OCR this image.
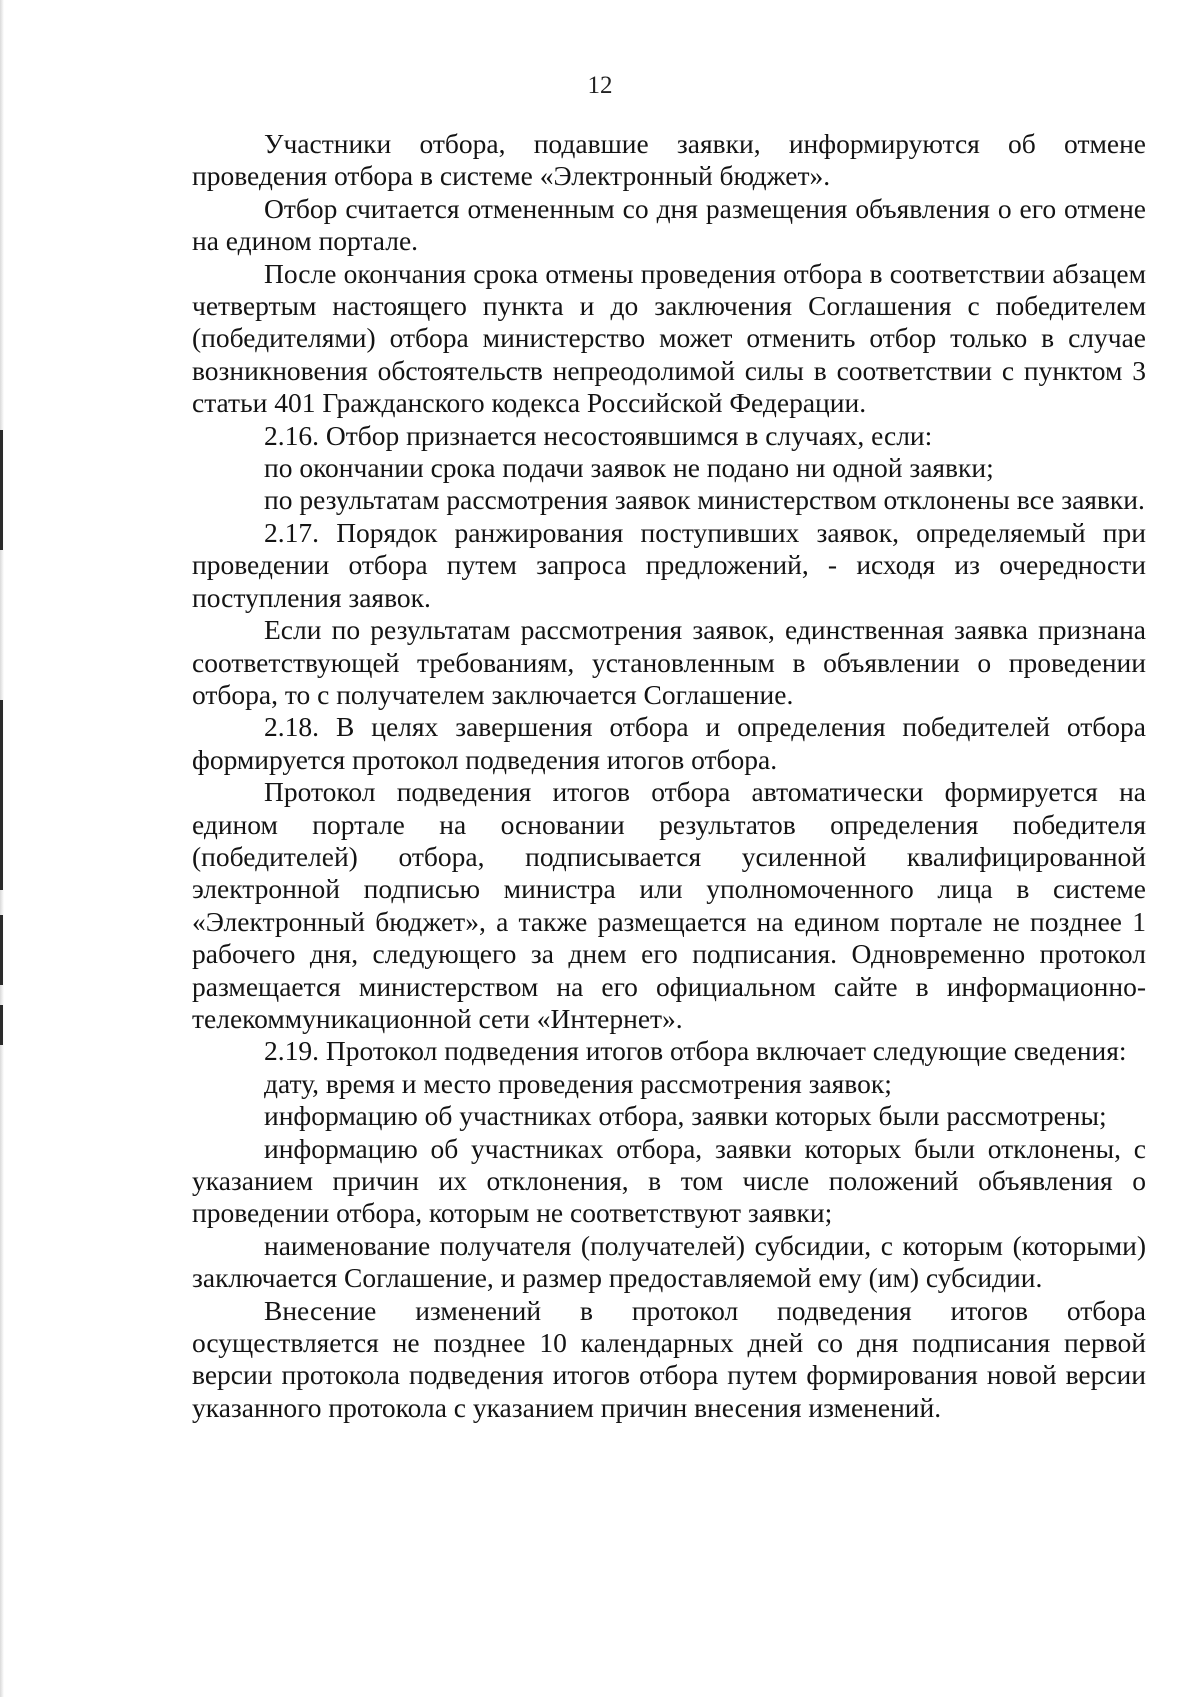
12

Участники отбора, подавшие заявки, информируются об отмене проведения отбора в системе «Электронный бюджет».

Отбор считается отмененным со дня размещения объявления о его отмене на едином портале.

После окончания срока отмены проведения отбора в соответствии абзацем четвертым настоящего пункта и до заключения Соглашения с победителем (победителями) отбора министерство может отменить отбор только в случае возникновения обстоятельств непреодолимой силы в соответствии с пунктом 3 статьи 401 Гражданского кодекса Российской Федерации.

2.16. Отбор признается несостоявшимся в случаях, если:

по окончании срока подачи заявок не подано ни одной заявки;

по результатам рассмотрения заявок министерством отклонены все заявки.

2.17. Порядок ранжирования поступивших заявок, определяемый при проведении отбора путем запроса предложений, - исходя из очередности поступления заявок.

Если по результатам рассмотрения заявок, единственная заявка признана соответствующей требованиям, установленным в объявлении о проведении отбора, то с получателем заключается Соглашение.

2.18. В целях завершения отбора и определения победителей отбора формируется протокол подведения итогов отбора.

Протокол подведения итогов отбора автоматически формируется на едином портале на основании результатов определения победителя (победителей) отбора, подписывается усиленной квалифицированной электронной подписью министра или уполномоченного лица в системе «Электронный бюджет», а также размещается на едином портале не позднее 1 рабочего дня, следующего за днем его подписания. Одновременно протокол размещается министерством на его официальном сайте в информационно-телекоммуникационной сети «Интернет».

2.19. Протокол подведения итогов отбора включает следующие сведения:

дату, время и место проведения рассмотрения заявок;

информацию об участниках отбора, заявки которых были рассмотрены;

информацию об участниках отбора, заявки которых были отклонены, с указанием причин их отклонения, в том числе положений объявления о проведении отбора, которым не соответствуют заявки;

наименование получателя (получателей) субсидии, с которым (которыми) заключается Соглашение, и размер предоставляемой ему (им) субсидии.

Внесение изменений в протокол подведения итогов отбора осуществляется не позднее 10 календарных дней со дня подписания первой версии протокола подведения итогов отбора путем формирования новой версии указанного протокола с указанием причин внесения изменений.
